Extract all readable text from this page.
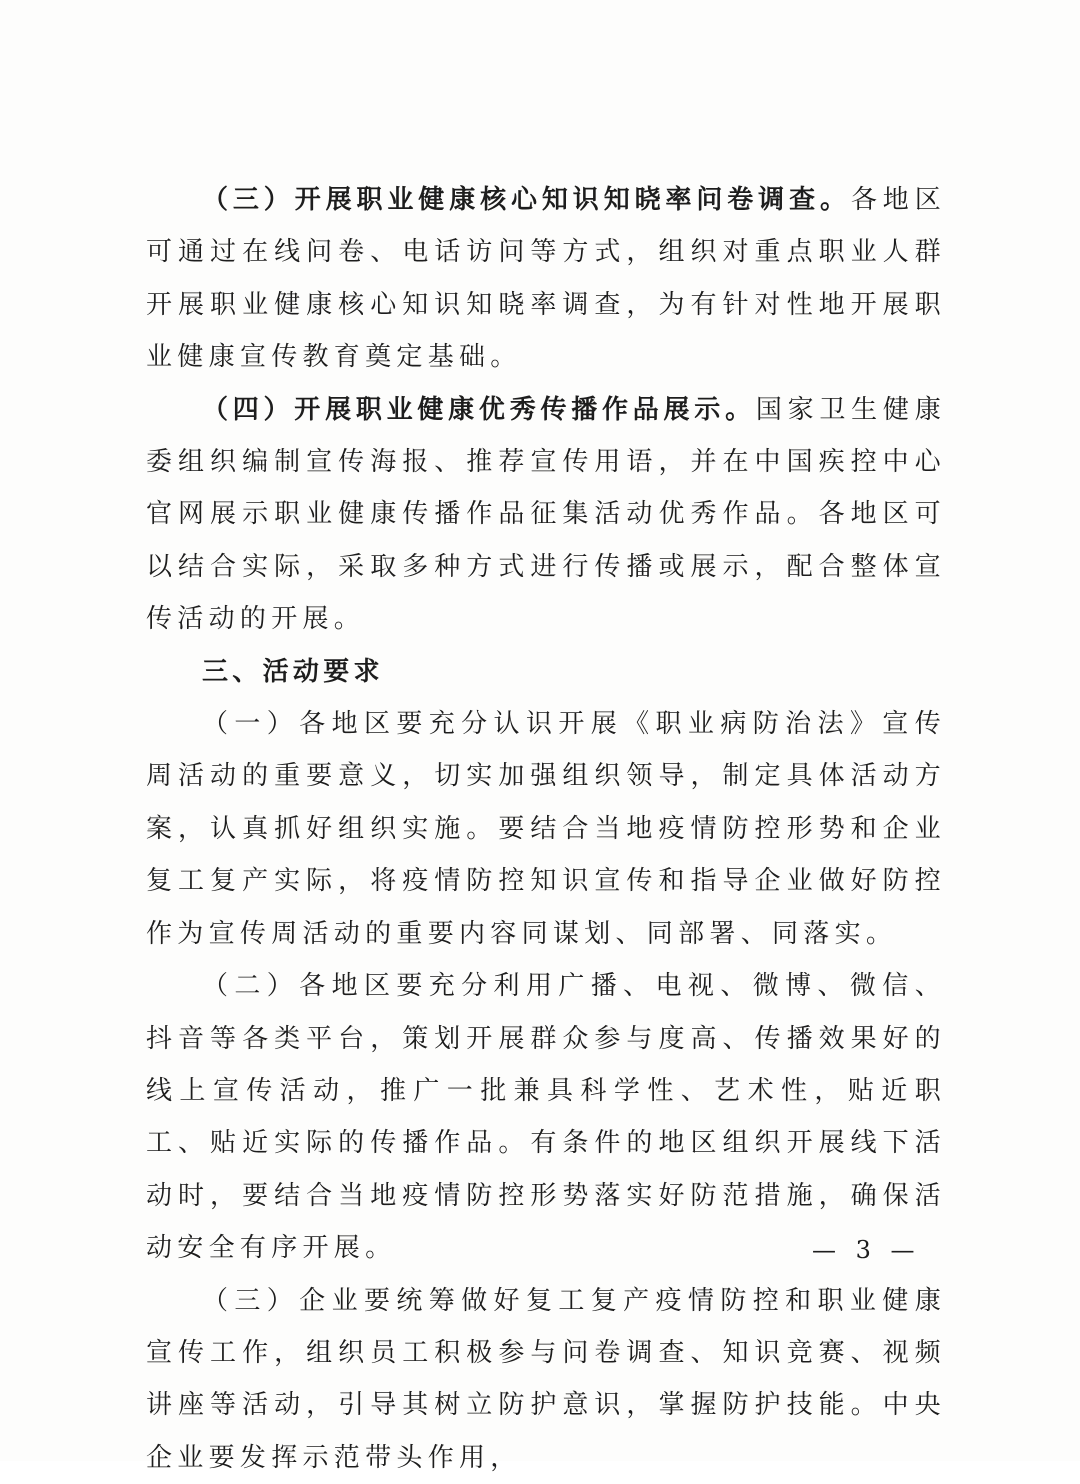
（三）开展职业健康核心知识知晓率问卷调查。各地区可通过在线问卷、电话访问等方式，组织对重点职业人群开展职业健康核心知识知晓率调查，为有针对性地开展职业健康宣传教育奠定基础。

（四）开展职业健康优秀传播作品展示。国家卫生健康委组织编制宣传海报、推荐宣传用语，并在中国疾控中心官网展示职业健康传播作品征集活动优秀作品。各地区可以结合实际，采取多种方式进行传播或展示，配合整体宣传活动的开展。

三、活动要求

（一）各地区要充分认识开展《职业病防治法》宣传周活动的重要意义，切实加强组织领导，制定具体活动方案，认真抓好组织实施。要结合当地疫情防控形势和企业复工复产实际，将疫情防控知识宣传和指导企业做好防控作为宣传周活动的重要内容同谋划、同部署、同落实。

（二）各地区要充分利用广播、电视、微博、微信、抖音等各类平台，策划开展群众参与度高、传播效果好的线上宣传活动，推广一批兼具科学性、艺术性，贴近职工、贴近实际的传播作品。有条件的地区组织开展线下活动时，要结合当地疫情防控形势落实好防范措施，确保活动安全有序开展。

（三）企业要统筹做好复工复产疫情防控和职业健康宣传工作，组织员工积极参与问卷调查、知识竞赛、视频讲座等活动，引导其树立防护意识，掌握防护技能。中央企业要发挥示范带头作用，

— 3 —
